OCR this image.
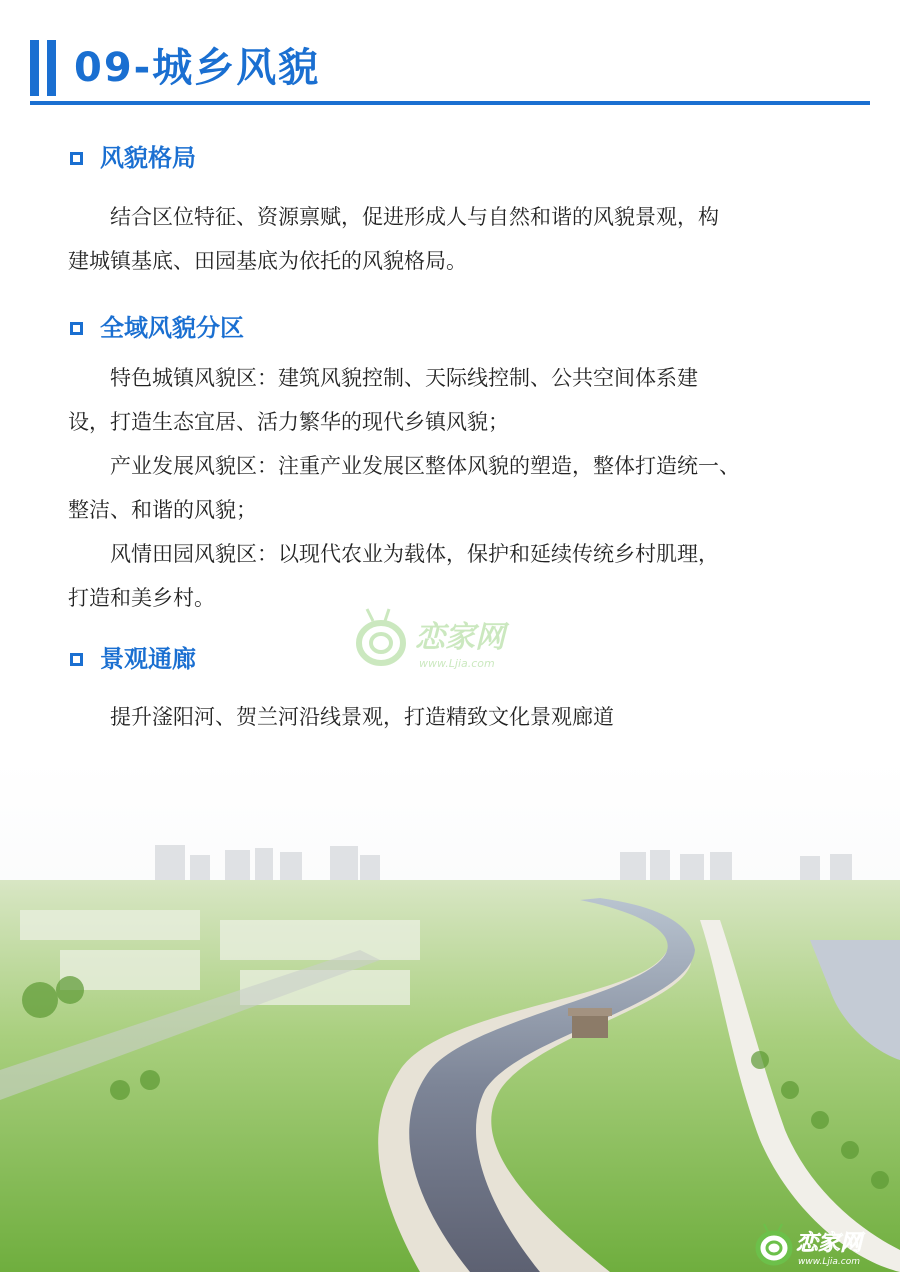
09-城乡风貌
风貌格局

　　结合区位特征、资源禀赋，促进形成人与自然和谐的风貌景观，构
建城镇基底、田园基底为依托的风貌格局。

全域风貌分区

　　特色城镇风貌区：建筑风貌控制、天际线控制、公共空间体系建
设，打造生态宜居、活力繁华的现代乡镇风貌；
　　产业发展风貌区：注重产业发展区整体风貌的塑造，整体打造统一、
整洁、和谐的风貌；
　　风情田园风貌区：以现代农业为载体，保护和延续传统乡村肌理，
打造和美乡村。

景观通廊

　　提升滏阳河、贺兰河沿线景观，打造精致文化景观廊道

恋家网
www.Ljia.com
恋家网
www.Ljia.com
